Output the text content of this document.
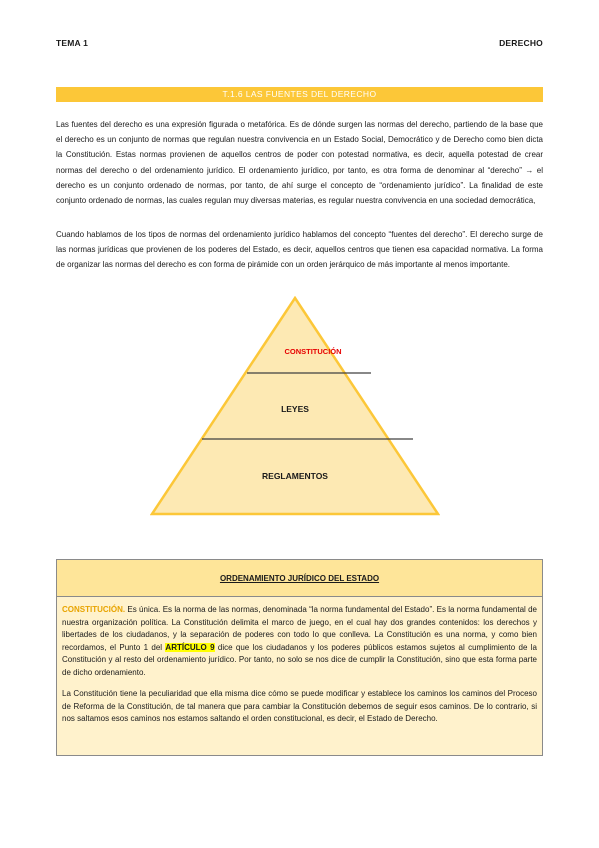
TEMA 1	DERECHO
T.1.6 LAS FUENTES DEL DERECHO

Las fuentes del derecho es una expresión figurada o metafórica. Es de dónde surgen las normas del derecho, partiendo de la base que el derecho es un conjunto de normas que regulan nuestra convivencia en un Estado Social, Democrático y de Derecho como bien dicta la Constitución. Estas normas provienen de aquellos centros de poder con potestad normativa, es decir, aquella potestad de crear normas del derecho o del ordenamiento jurídico. El ordenamiento jurídico, por tanto, es otra forma de denominar al “derecho” → el derecho es un conjunto ordenado de normas, por tanto, de ahí surge el concepto de “ordenamiento jurídico”. La finalidad de este conjunto ordenado de normas, las cuales regulan muy diversas materias, es regular nuestra convivencia en una sociedad democrática,

Cuando hablamos de los tipos de normas del ordenamiento jurídico hablamos del concepto “fuentes del derecho”. El derecho surge de las normas jurídicas que provienen de los poderes del Estado, es decir, aquellos centros que tienen esa capacidad normativa. La forma de organizar las normas del derecho es con forma de pirámide con un orden jerárquico de más importante al menos importante.

CONSTITUCIÓN
LEYES
REGLAMENTOS
ORDENAMIENTO JURÍDICO DEL ESTADO

CONSTITUCIÓN. Es única. Es la norma de las normas, denominada “la norma fundamental del Estado”. Es la norma fundamental de nuestra organización política. La Constitución delimita el marco de juego, en el cual hay dos grandes contenidos: los derechos y libertades de los ciudadanos, y la separación de poderes con todo lo que conlleva. La Constitución es una norma, y como bien recordamos, el Punto 1 del ARTÍCULO 9 dice que los ciudadanos y los poderes públicos estamos sujetos al cumplimiento de la Constitución y al resto del ordenamiento jurídico. Por tanto, no solo se nos dice de cumplir la Constitución, sino que esta forma parte de dicho ordenamiento.

La Constitución tiene la peculiaridad que ella misma dice cómo se puede modificar y establece los caminos los caminos del Proceso de Reforma de la Constitución, de tal manera que para cambiar la Constitución debemos de seguir esos caminos. De lo contrario, si nos saltamos esos caminos nos estamos saltando el orden constitucional, es decir, el Estado de Derecho.
